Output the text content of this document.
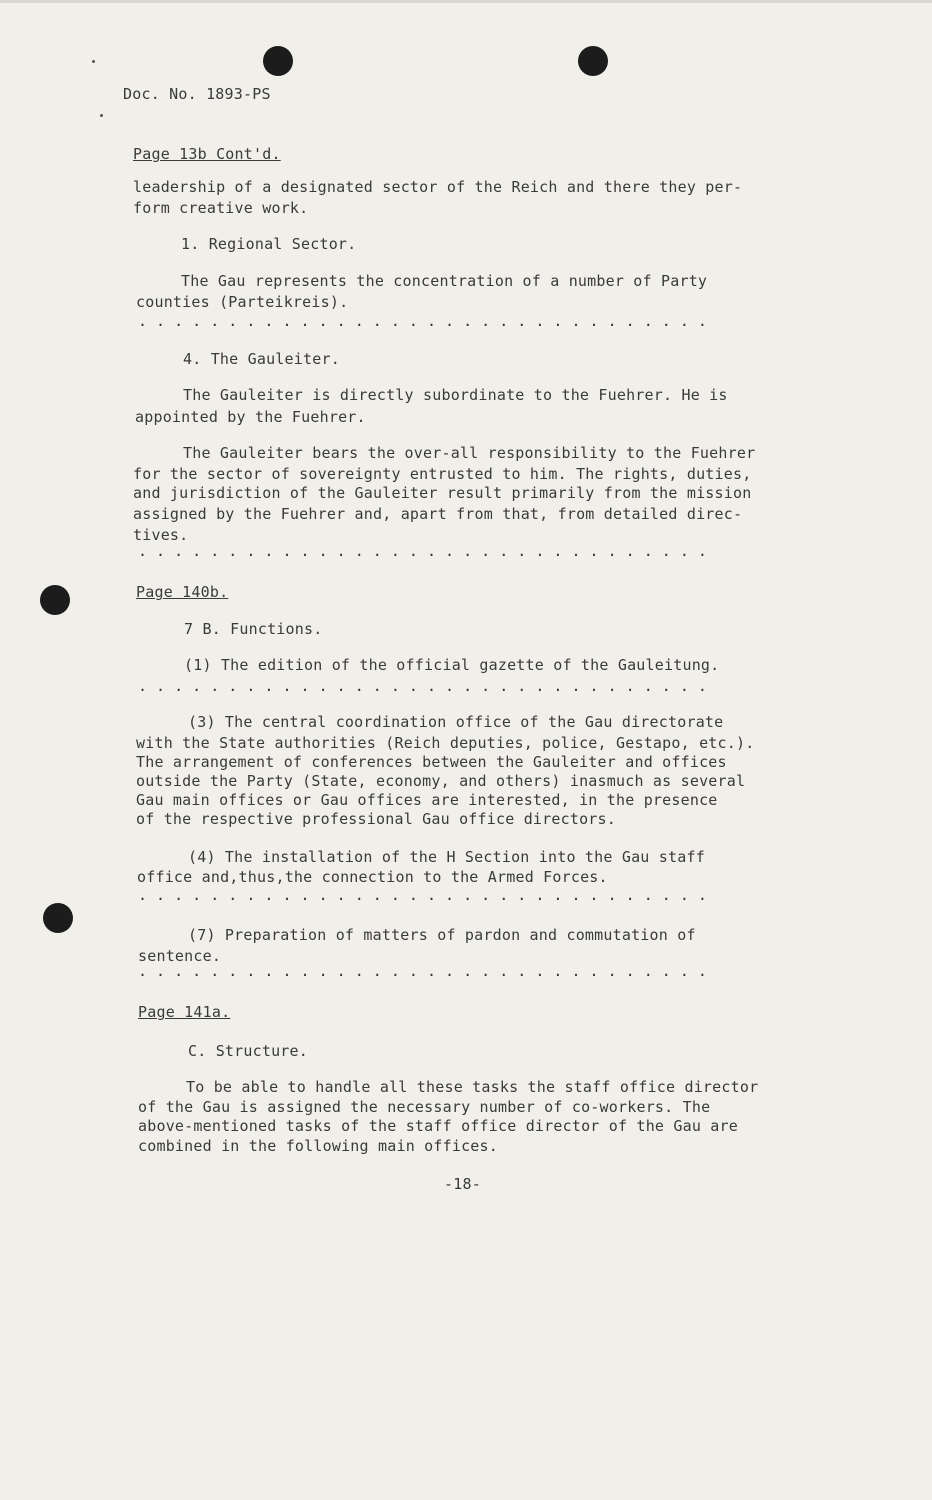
Doc. No. 1893-PS
Page 13b Cont'd.
leadership of a designated sector of the Reich and there they per-
form creative work.
1. Regional Sector.
The Gau represents the concentration of a number of Party
counties (Parteikreis).
. . . . . . . . . . . . . . . . . . . . . . . . . . . . . . . .
4. The Gauleiter.
The Gauleiter is directly subordinate to the Fuehrer. He is
appointed by the Fuehrer.
The Gauleiter bears the over-all responsibility to the Fuehrer
for the sector of sovereignty entrusted to him. The rights, duties,
and jurisdiction of the Gauleiter result primarily from the mission
assigned by the Fuehrer and, apart from that, from detailed direc-
tives.
. . . . . . . . . . . . . . . . . . . . . . . . . . . . . . . .
Page 140b.
7 B. Functions.
(1) The edition of the official gazette of the Gauleitung.
. . . . . . . . . . . . . . . . . . . . . . . . . . . . . . . .
(3) The central coordination office of the Gau directorate
with the State authorities (Reich deputies, police, Gestapo, etc.).
The arrangement of conferences between the Gauleiter and offices
outside the Party (State, economy, and others) inasmuch as several
Gau main offices or Gau offices are interested, in the presence
of the respective professional Gau office directors.
(4) The installation of the H Section into the Gau staff
office and,thus,the connection to the Armed Forces.
. . . . . . . . . . . . . . . . . . . . . . . . . . . . . . . .
(7) Preparation of matters of pardon and commutation of
sentence.
. . . . . . . . . . . . . . . . . . . . . . . . . . . . . . . .
Page 141a.
C. Structure.
To be able to handle all these tasks the staff office director
of the Gau is assigned the necessary number of co-workers. The
above-mentioned tasks of the staff office director of the Gau are
combined in the following main offices.
-18-
